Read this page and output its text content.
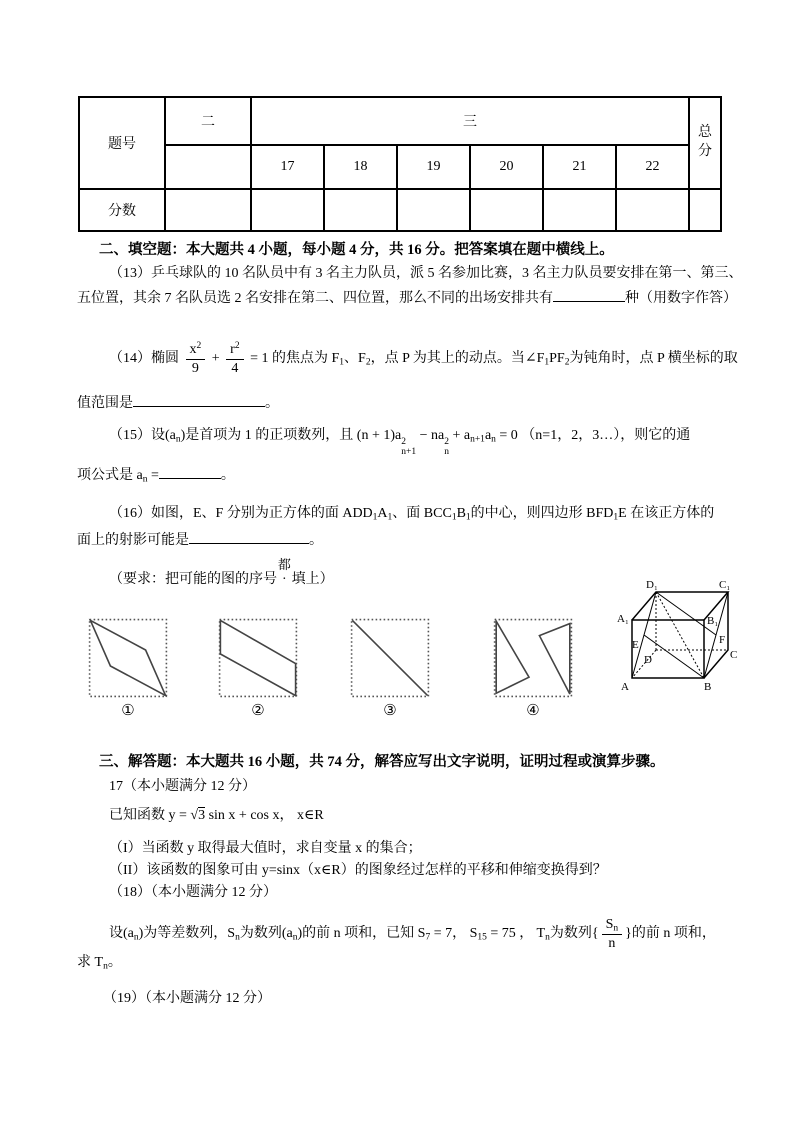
题号	二	三						总分
		17	18	19	20	21	22	
分数								
二、填空题：本大题共 4 小题，每小题 4 分，共 16 分。把答案填在题中横线上。
（13）乒乓球队的 10 名队员中有 3 名主力队员，派 5 名参加比赛，3 名主力队员要安排在第一、第三、
五位置，其余 7 名队员选 2 名安排在第二、四位置，那么不同的出场安排共有	种（用数字作答）
（14）椭圆 $\frac{x^2}{9} + \frac{r^2}{4} = 1$ 的焦点为 $F_1$、$F_2$，点 P 为其上的动点。当$\angle F_1PF_2$为钝角时，点 P 横坐标的取
值范围是	。
（15）设$(a_n)$是首项为 1 的正项数列，且 (n + 1)a 2
n+1
− na 2
n
+ $a_{n+1}a_n = 0$ （n=1，2，3…），则它的通
项公式是 $a_n$ =	。
（16）如图，E、F 分别为正方体的面 $ADD_1A_1$、面 $BCC_1B_1$的中心，则四边形 $BFD_1E$ 在该正方体的
面上的射影可能是	。
（要求：把可能的图的序号
都
· 填上）
①	②	③	④
D₁	C₁
A₁	B₁
E	F
D	C
A	B
三、解答题：本大题共 16 小题，共 74 分，解答应写出文字说明，证明过程或演算步骤。
17（本小题满分 12 分）
已知函数 y = √3 sin x + cos x， x∈R
（I）当函数 y 取得最大值时，求自变量 x 的集合；
（II）该函数的图象可由 y=sinx（x∈R）的图象经过怎样的平移和伸缩变换得到？
（18）（本小题满分 12 分）
设$(a_n)$为等差数列，$S_n$为数列$(a_n)$的前 n 项和，已知 $S_7 = 7$， $S_{15} = 75$ ， $T_n$为数列{ $\frac{S_n}{n}$ }的前 n 项和，
求 $T_n$。
（19）（本小题满分 12 分）
